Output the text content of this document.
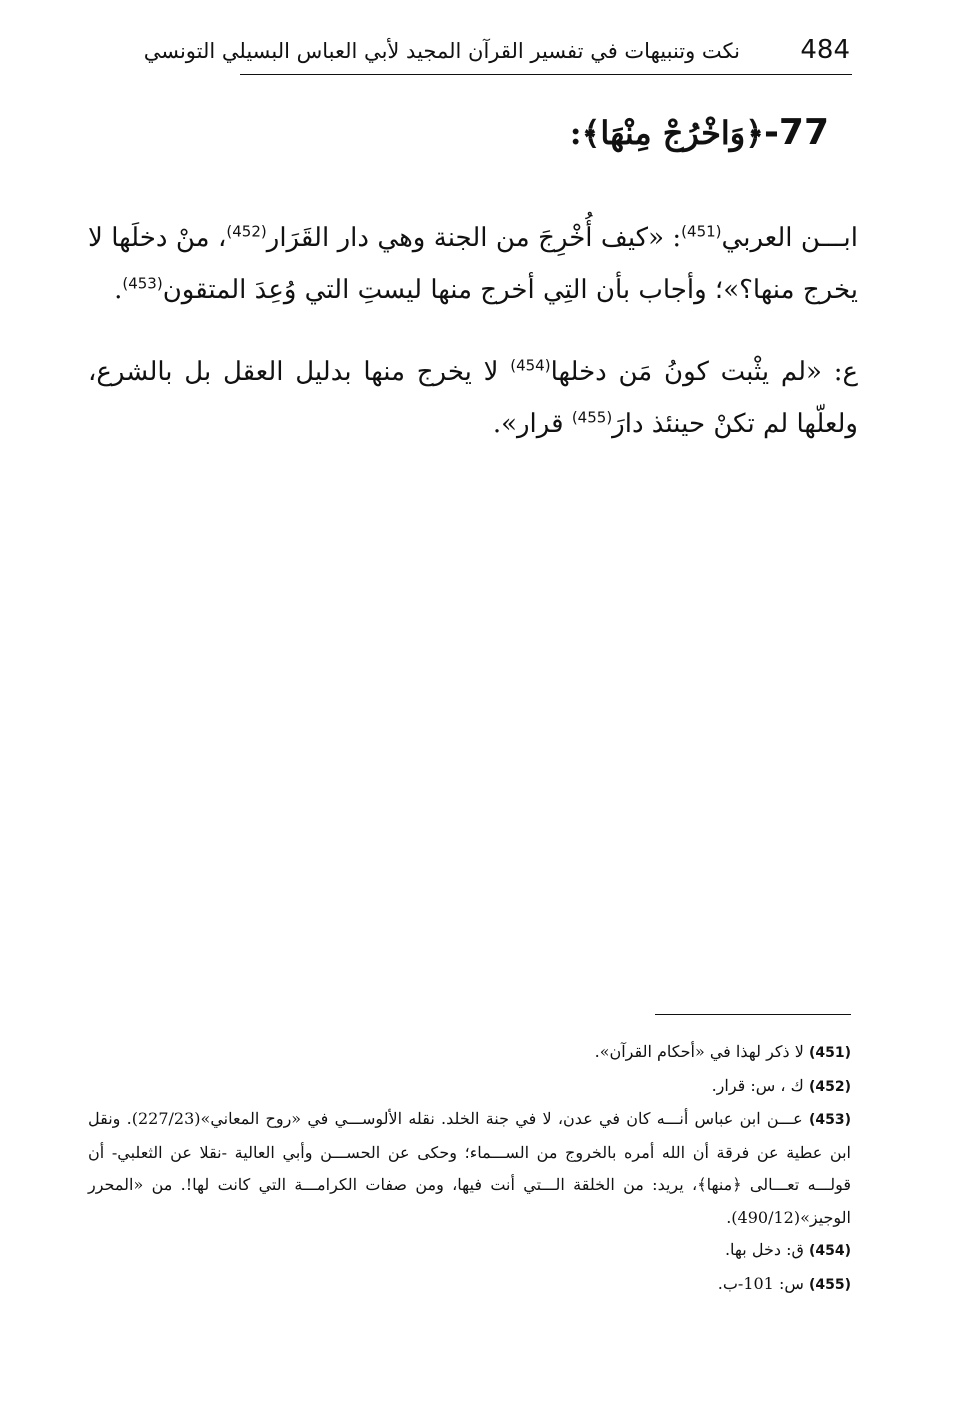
484
نكت وتنبيهات في تفسير القرآن المجيد لأبي العباس البسيلي التونسي
77-﴿وَاخْرُجْ مِنْهَا﴾:

ابـــن العربي$^{(451)}$: «كيف أُخْرِجَ من الجنة وهي دار القَرَار$^{(452)}$، منْ دخلَها لا يخرج منها؟»؛ وأجاب بأن التِي أخرج منها ليستِ التي وُعِدَ المتقون$^{(453)}$.

ع: «لم يثْبت كونُ مَن دخلها$^{(454)}$ لا يخرج منها بدليل العقل بل بالشرع، ولعلّها لم تكنْ حينئذ دارَ$^{(455)}$ قرار».

(451) لا ذكر لهذا في «أحكام القرآن».

(452) ك ، س: قرار.

(453) عـــن ابن عباس أنـــه كان في عدن، لا في جنة الخلد. نقله الألوســـي في «روح المعاني»(227/23). ونقل ابن عطية عن فرقة أن الله أمره بالخروج من الســـماء؛ وحكى عن الحســـن وأبي العالية -نقلا عن الثعلبي- أن قولـــه تعـــالى ﴿منها﴾، يريد: من الخلقة الـــتي أنت فيها، ومن صفات الكرامـــة التي كانت لها!. من «المحرر الوجيز»(490/12).

(454) ق: دخل بها.

(455) س: 101-ب.
